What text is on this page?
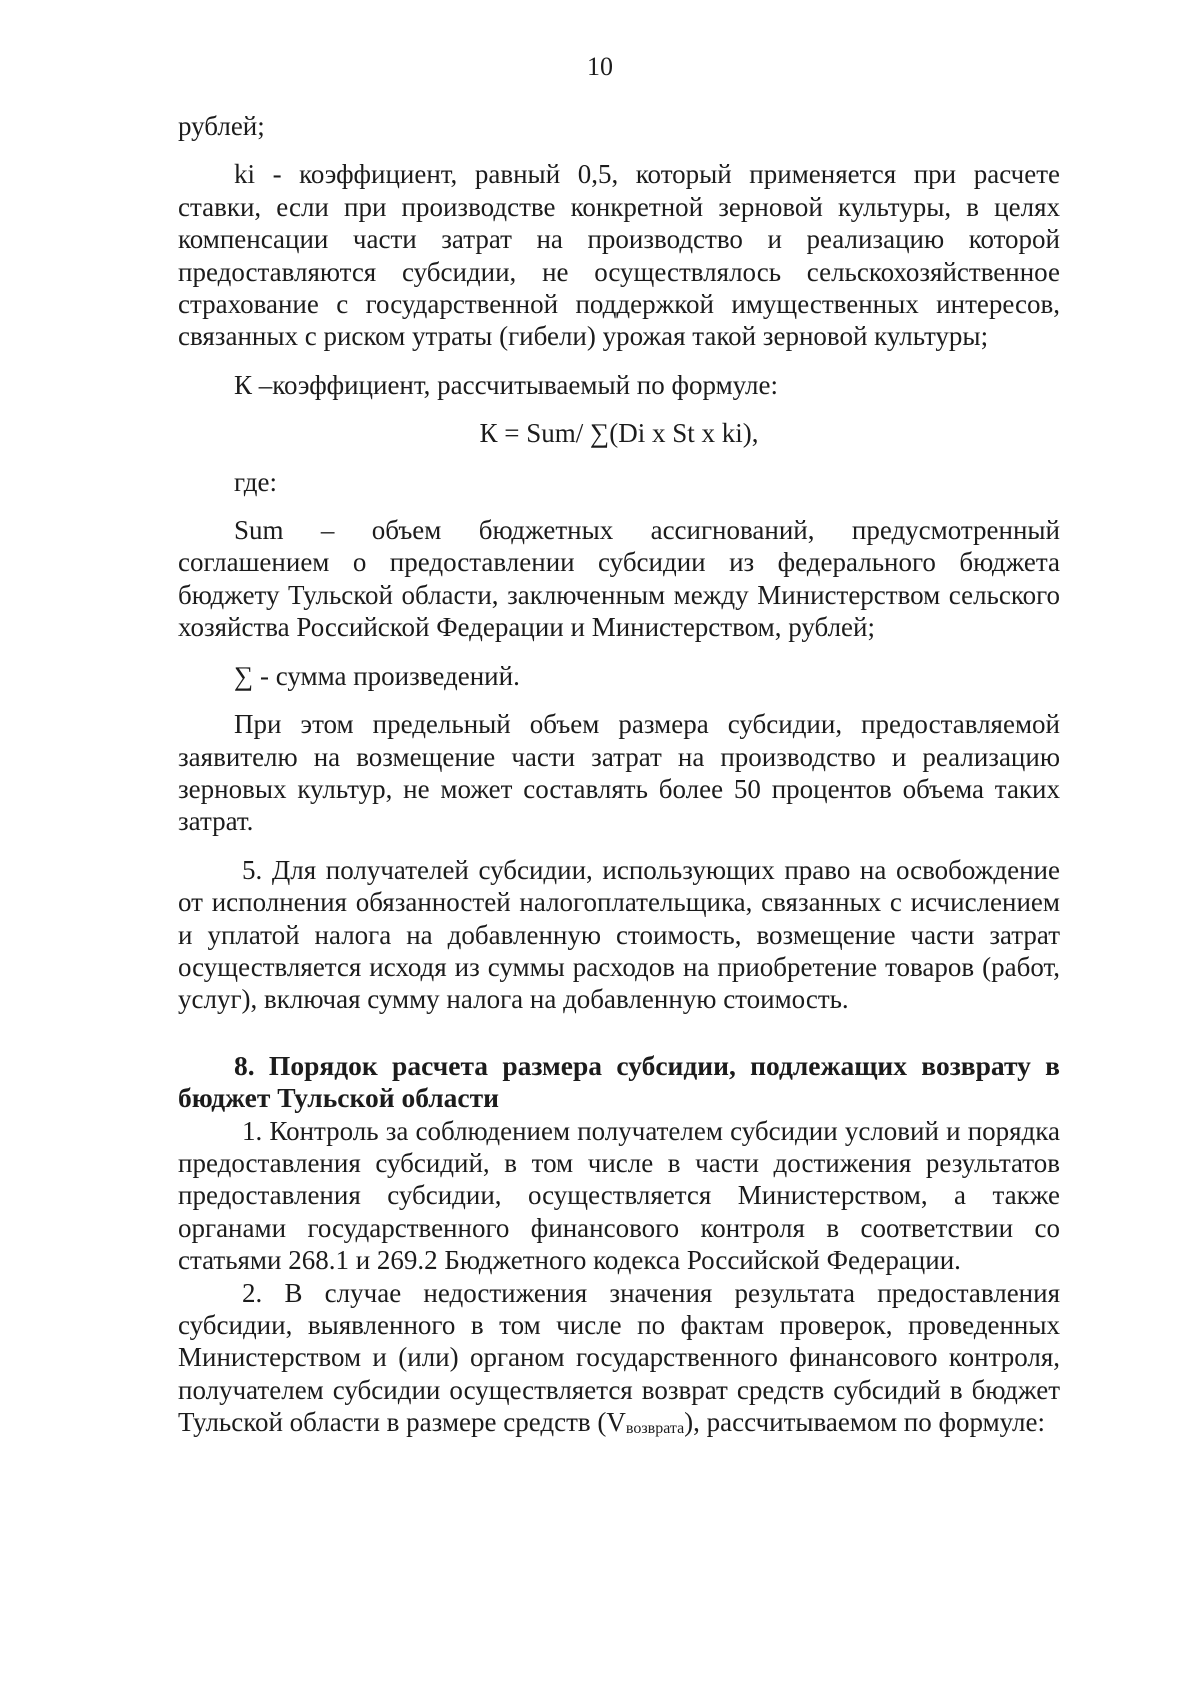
10

рублей;

ki - коэффициент, равный 0,5, который применяется при расчете ставки, если при производстве конкретной зерновой культуры, в целях компенсации части затрат на производство и реализацию которой предоставляются субсидии, не осуществлялось сельскохозяйственное страхование с государственной поддержкой имущественных интересов, связанных с риском утраты (гибели) урожая такой зерновой культуры;

К –коэффициент, рассчитываемый по формуле:

К = Sum/ ∑(Di x St x ki),

где:

Sum – объем бюджетных ассигнований, предусмотренный соглашением о предоставлении субсидии из федерального бюджета бюджету Тульской области, заключенным между Министерством сельского хозяйства Российской Федерации и Министерством, рублей;

∑ - сумма произведений.

При этом предельный объем размера субсидии, предоставляемой заявителю на возмещение части затрат на производство и реализацию зерновых культур, не может составлять более 50 процентов объема таких затрат.

5. Для получателей субсидии, использующих право на освобождение от исполнения обязанностей налогоплательщика, связанных с исчислением и уплатой налога на добавленную стоимость, возмещение части затрат осуществляется исходя из суммы расходов на приобретение товаров (работ, услуг), включая сумму налога на добавленную стоимость.

8. Порядок расчета размера субсидии, подлежащих возврату в бюджет Тульской области

1. Контроль за соблюдением получателем субсидии условий и порядка предоставления субсидий, в том числе в части достижения результатов предоставления субсидии, осуществляется Министерством, а также органами государственного финансового контроля в соответствии со статьями 268.1 и 269.2 Бюджетного кодекса Российской Федерации.

2. В случае недостижения значения результата предоставления субсидии, выявленного в том числе по фактам проверок, проведенных Министерством и (или) органом государственного финансового контроля, получателем субсидии осуществляется возврат средств субсидий в бюджет Тульской области в размере средств $(V_{возврата})$, рассчитываемом по формуле:
